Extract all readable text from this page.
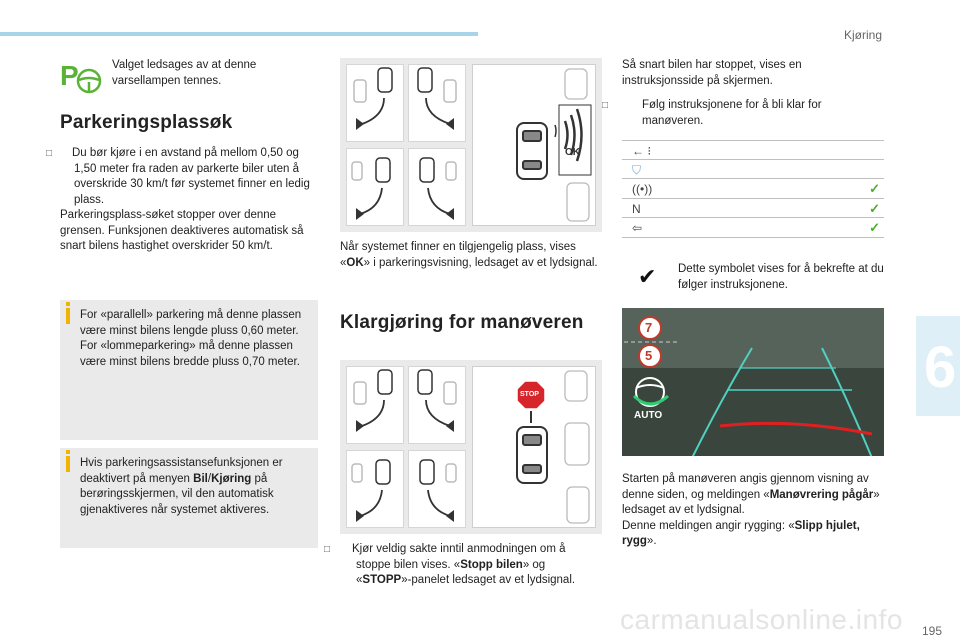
Kjøring
6
P	Valget ledsages av at denne varsellampen tennes.
Parkeringsplassøk
□ Du bør kjøre i en avstand på mellom 0,50 og 1,50 meter fra raden av parkerte biler uten å overskride 30 km/t før systemet finner en ledig plass.
Parkeringsplass-søket stopper over denne grensen. Funksjonen deaktiveres automatisk så snart bilens hastighet overskrider 50 km/t.
For «parallell» parkering må denne plassen være minst bilens lengde pluss 0,60 meter.
For «lommeparkering» må denne plassen være minst bilens bredde pluss 0,70 meter.
Hvis parkeringsassistansefunksjonen er deaktivert på menyen Bil/Kjøring på berøringsskjermen, vil den automatisk gjenaktiveres når systemet aktiveres.
OK
Når systemet finner en tilgjengelig plass, vises «OK» i parkeringsvisning, ledsaget av et lydsignal.
Klargjøring for manøveren
STOP
□ Kjør veldig sakte inntil anmodningen om å stoppe bilen vises. «Stopp bilen» og «STOPP»-panelet ledsaget av et lydsignal.
Så snart bilen har stoppet, vises en instruksjonsside på skjermen.
□	Følg instruksjonene for å bli klar for manøveren.
← ⁝
⛉
((•))	✓
N	✓
⇦	✓
✔ Dette symbolet vises for å bekrefte at du følger instruksjonene.
7
5
AUTO
Starten på manøveren angis gjennom visning av denne siden, og meldingen «Manøvrering pågår» ledsaget av et lydsignal.
Denne meldingen angir rygging: «Slipp hjulet, rygg».
carmanualsonline.info 195
